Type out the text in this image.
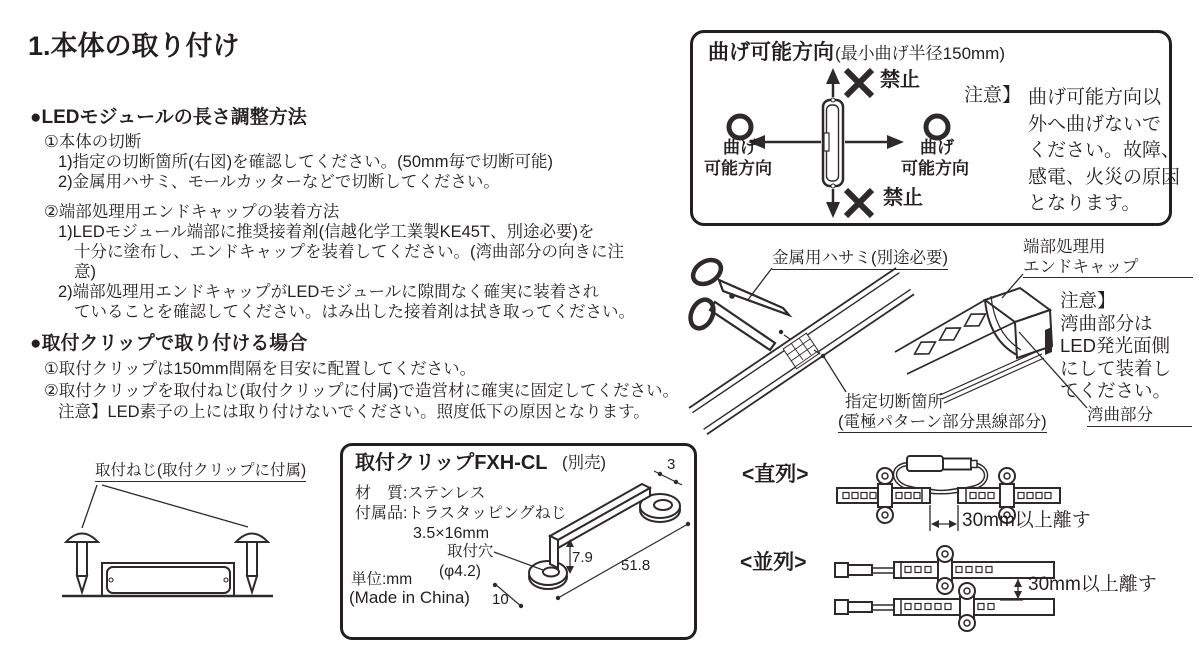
1.本体の取り付け
●LEDモジュールの長さ調整方法
①本体の切断
1)指定の切断箇所(右図)を確認してください。(50mm毎で切断可能)
2)金属用ハサミ、モールカッターなどで切断してください。
②端部処理用エンドキャップの装着方法
1)LEDモジュール端部に推奨接着剤(信越化学工業製KE45T、別途必要)を
十分に塗布し、エンドキャップを装着してください。(湾曲部分の向きに注
意)
2)端部処理用エンドキャップがLEDモジュールに隙間なく確実に装着され
ていることを確認してください。はみ出した接着剤は拭き取ってください。
●取付クリップで取り付ける場合
①取付クリップは150mm間隔を目安に配置してください。
②取付クリップを取付ねじ(取付クリップに付属)で造営材に確実に固定してください。
注意】LED素子の上には取り付けないでください。照度低下の原因となります。
曲げ可能方向 (最小曲げ半径150mm)
禁止
禁止
曲げ
可能方向
曲げ
可能方向
注意】 曲げ可能方向以
外へ曲げないで
ください。故障、
感電、火災の原因
となります。
金属用ハサミ(別途必要)
指定切断箇所
(電極パターン部分黒線部分)
端部処理用
エンドキャップ
注意】
湾曲部分は
LED発光面側
にして装着し
てください。
湾曲部分
取付ねじ(取付クリップに付属) 取付クリップFXH-CL (別売)
材　質:ステンレス
付属品:トラスタッピングねじ
3.5×16mm
取付穴
(φ4.2)
単位:mm
(Made in China)
3
7.9 51.8
10
<直列>
30mm以上離す
<並列>
30mm以上離す
